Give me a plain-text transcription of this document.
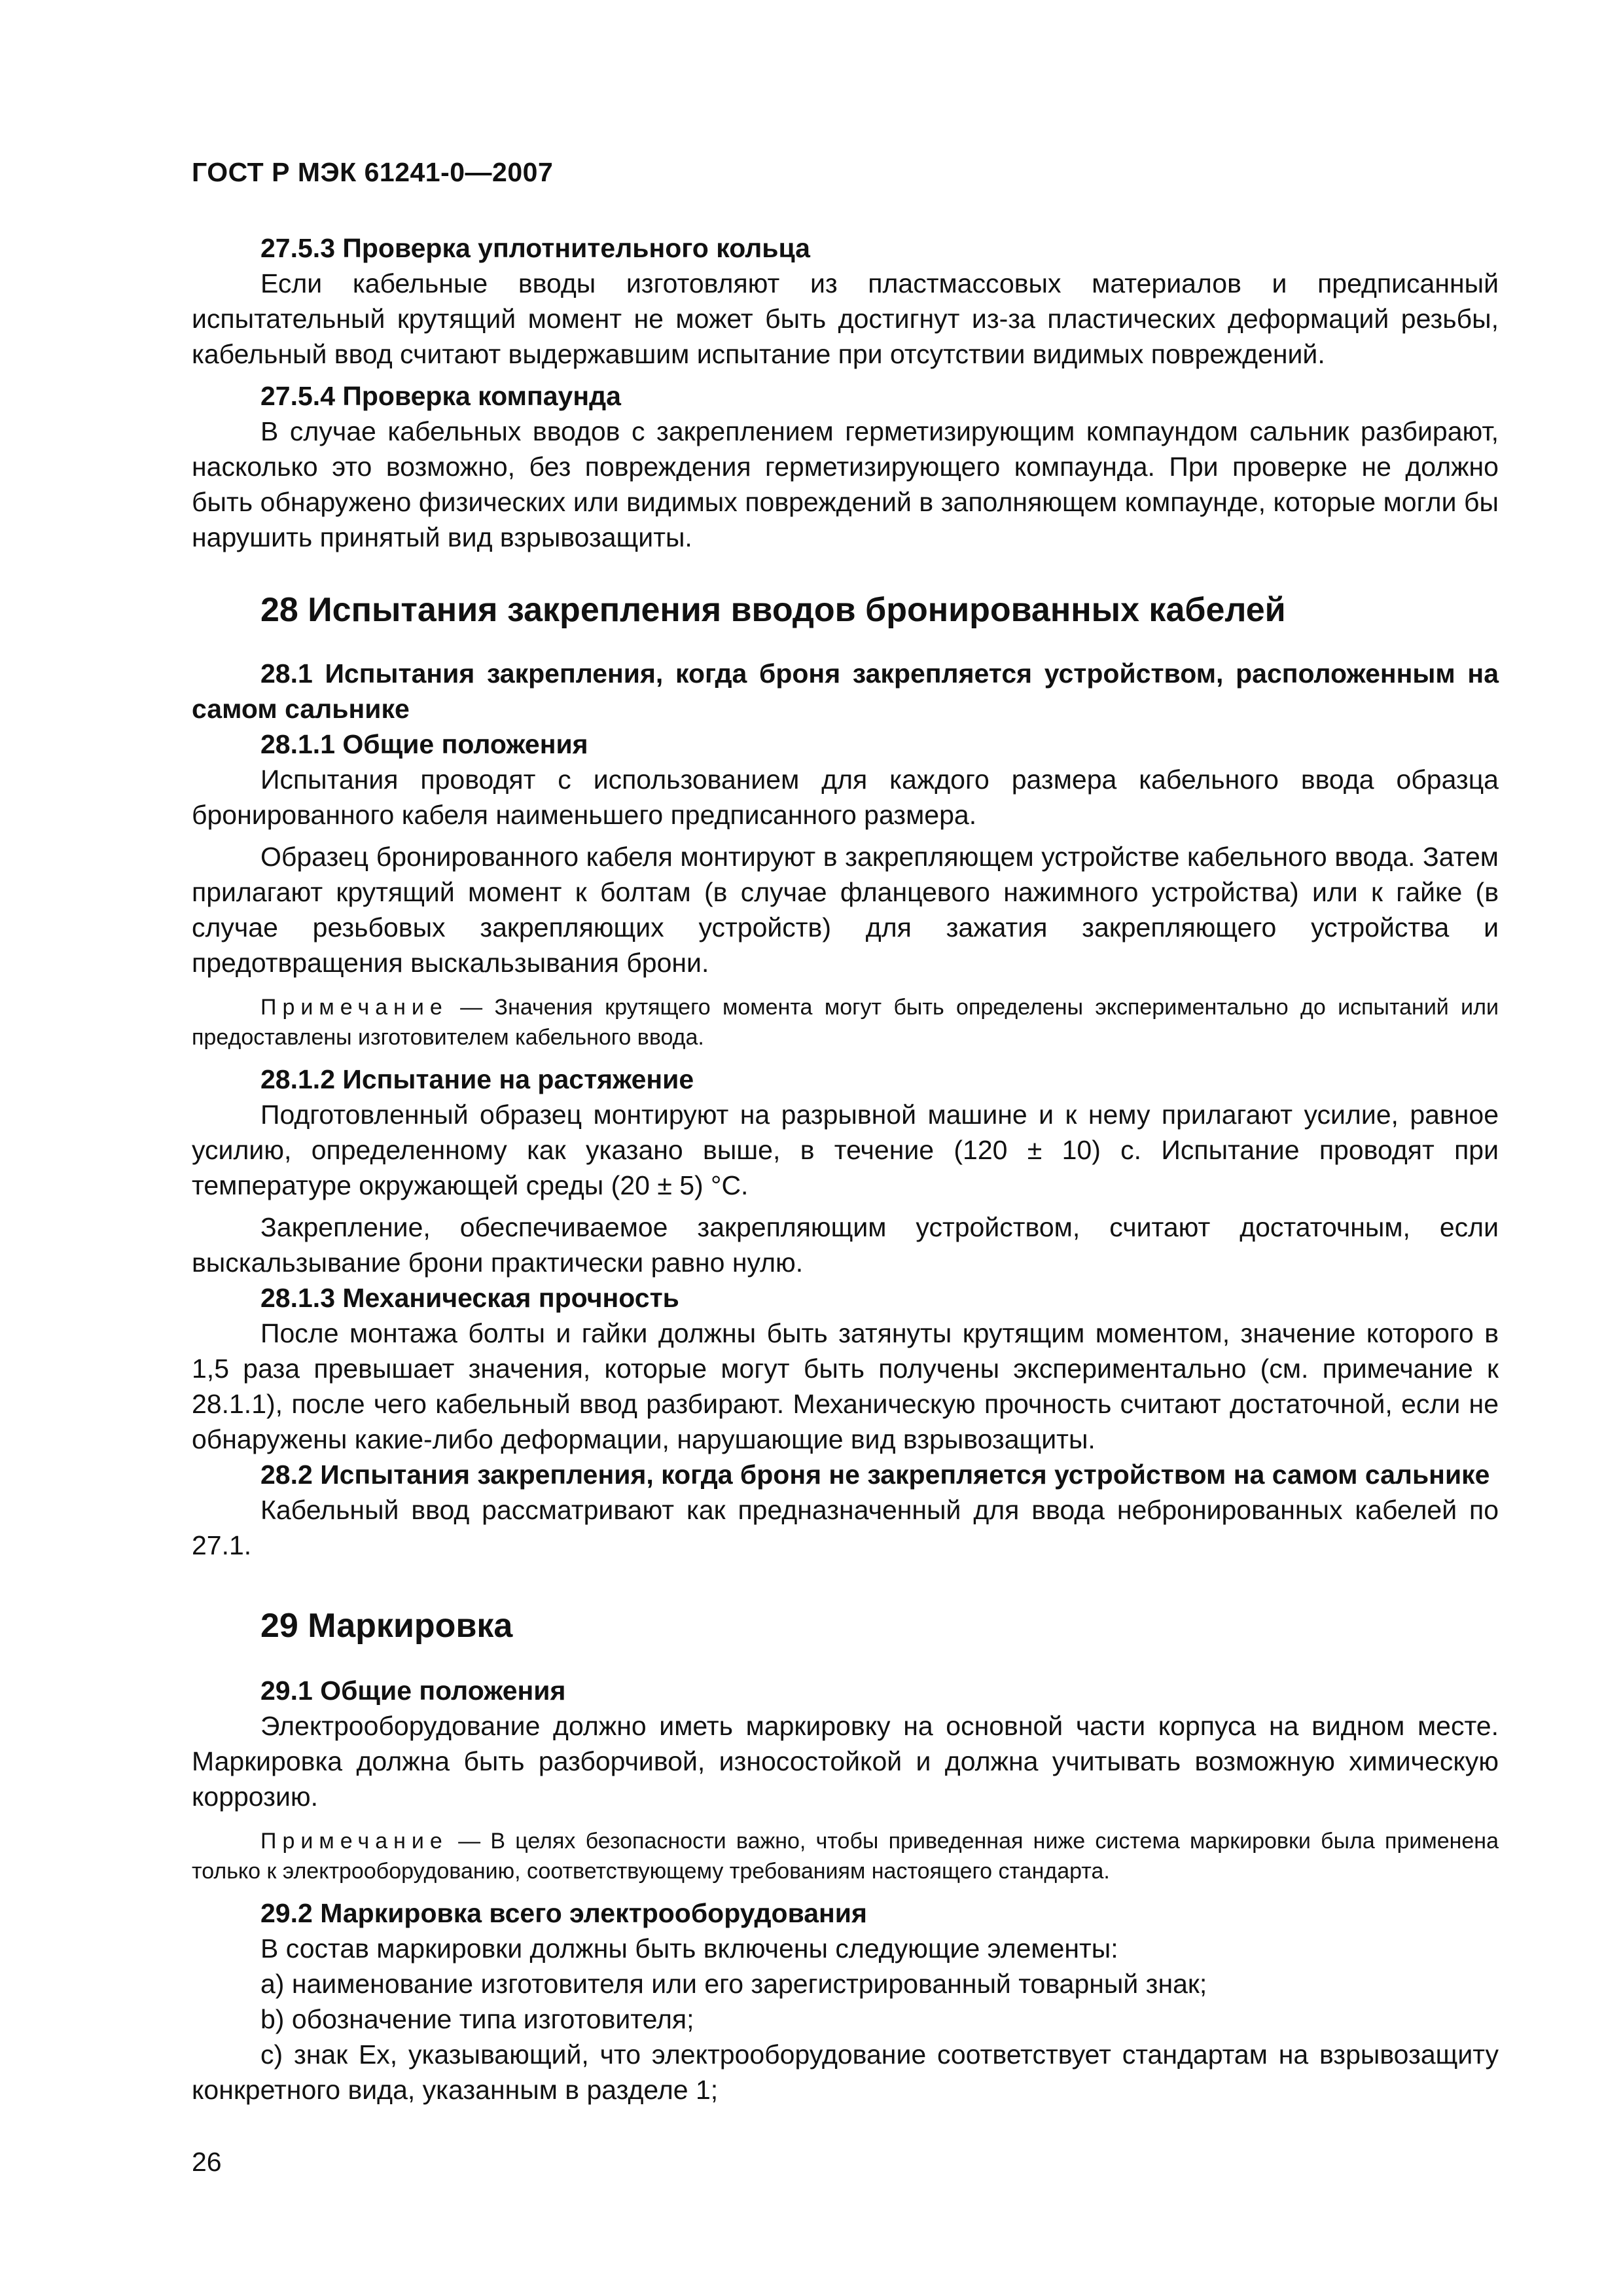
ГОСТ Р МЭК 61241-0—2007

27.5.3 Проверка уплотнительного кольца

Если кабельные вводы изготовляют из пластмассовых материалов и предписанный испытательный крутящий момент не может быть достигнут из-за пластических деформаций резьбы, кабельный ввод считают выдержавшим испытание при отсутствии видимых повреждений.

27.5.4 Проверка компаунда

В случае кабельных вводов с закреплением герметизирующим компаундом сальник разбирают, насколько это возможно, без повреждения герметизирующего компаунда. При проверке не должно быть обнаружено физических или видимых повреждений в заполняющем компаунде, которые могли бы нарушить принятый вид взрывозащиты.

28 Испытания закрепления вводов бронированных кабелей

28.1 Испытания закрепления, когда броня закрепляется устройством, расположенным на самом сальнике

28.1.1 Общие положения

Испытания проводят с использованием для каждого размера кабельного ввода образца бронированного кабеля наименьшего предписанного размера.

Образец бронированного кабеля монтируют в закрепляющем устройстве кабельного ввода. Затем прилагают крутящий момент к болтам (в случае фланцевого нажимного устройства) или к гайке (в случае резьбовых закрепляющих устройств) для зажатия закрепляющего устройства и предотвращения выскальзывания брони.

Примечание — Значения крутящего момента могут быть определены экспериментально до испытаний или предоставлены изготовителем кабельного ввода.

28.1.2 Испытание на растяжение

Подготовленный образец монтируют на разрывной машине и к нему прилагают усилие, равное усилию, определенному как указано выше, в течение (120 ± 10) с. Испытание проводят при температуре окружающей среды (20 ± 5) °С.

Закрепление, обеспечиваемое закрепляющим устройством, считают достаточным, если выскальзывание брони практически равно нулю.

28.1.3 Механическая прочность

После монтажа болты и гайки должны быть затянуты крутящим моментом, значение которого в 1,5 раза превышает значения, которые могут быть получены экспериментально (см. примечание к 28.1.1), после чего кабельный ввод разбирают. Механическую прочность считают достаточной, если не обнаружены какие-либо деформации, нарушающие вид взрывозащиты.

28.2 Испытания закрепления, когда броня не закрепляется устройством на самом сальнике

Кабельный ввод рассматривают как предназначенный для ввода небронированных кабелей по 27.1.

29 Маркировка

29.1 Общие положения

Электрооборудование должно иметь маркировку на основной части корпуса на видном месте. Маркировка должна быть разборчивой, износостойкой и должна учитывать возможную химическую коррозию.

Примечание — В целях безопасности важно, чтобы приведенная ниже система маркировки была применена только к электрооборудованию, соответствующему требованиям настоящего стандарта.

29.2 Маркировка всего электрооборудования

В состав маркировки должны быть включены следующие элементы:

а) наименование изготовителя или его зарегистрированный товарный знак;

b) обозначение типа изготовителя;

с) знак Ex, указывающий, что электрооборудование соответствует стандартам на взрывозащиту конкретного вида, указанным в разделе 1;

26
